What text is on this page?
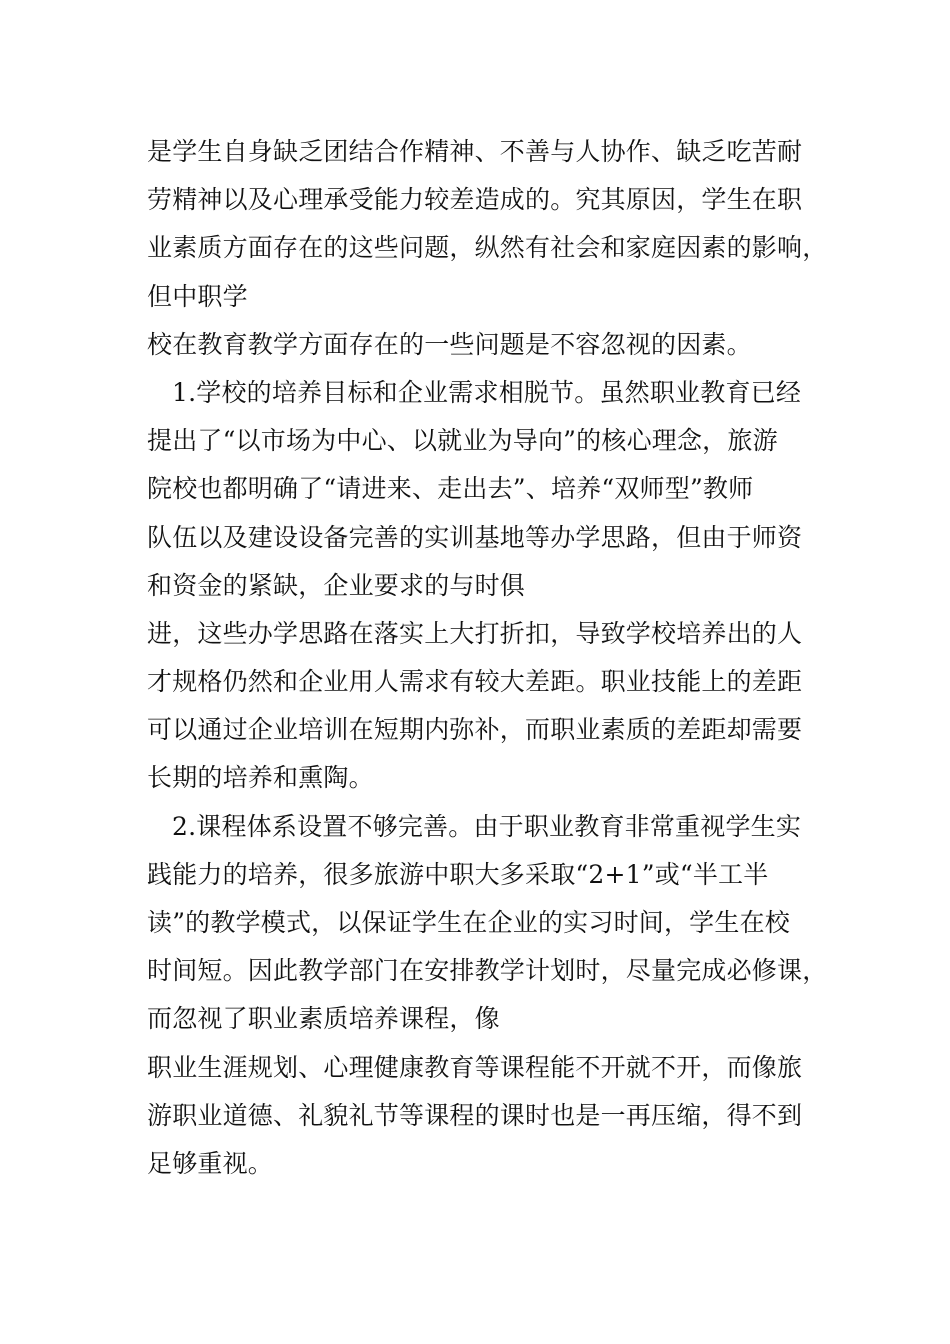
是学生自身缺乏团结合作精神、不善与人协作、缺乏吃苦耐
劳精神以及心理承受能力较差造成的。究其原因，学生在职
业素质方面存在的这些问题，纵然有社会和家庭因素的影响，
但中职学
校在教育教学方面存在的一些问题是不容忽视的因素。
1.学校的培养目标和企业需求相脱节。虽然职业教育已经
提出了“以市场为中心、以就业为导向”的核心理念，旅游
院校也都明确了“请进来、走出去”、培养“双师型”教师
队伍以及建设设备完善的实训基地等办学思路，但由于师资
和资金的紧缺，企业要求的与时俱
进，这些办学思路在落实上大打折扣，导致学校培养出的人
才规格仍然和企业用人需求有较大差距。职业技能上的差距
可以通过企业培训在短期内弥补，而职业素质的差距却需要
长期的培养和熏陶。
2.课程体系设置不够完善。由于职业教育非常重视学生实
践能力的培养，很多旅游中职大多采取“2+1”或“半工半
读”的教学模式，以保证学生在企业的实习时间，学生在校
时间短。因此教学部门在安排教学计划时，尽量完成必修课，
而忽视了职业素质培养课程，像
职业生涯规划、心理健康教育等课程能不开就不开，而像旅
游职业道德、礼貌礼节等课程的课时也是一再压缩，得不到
足够重视。
